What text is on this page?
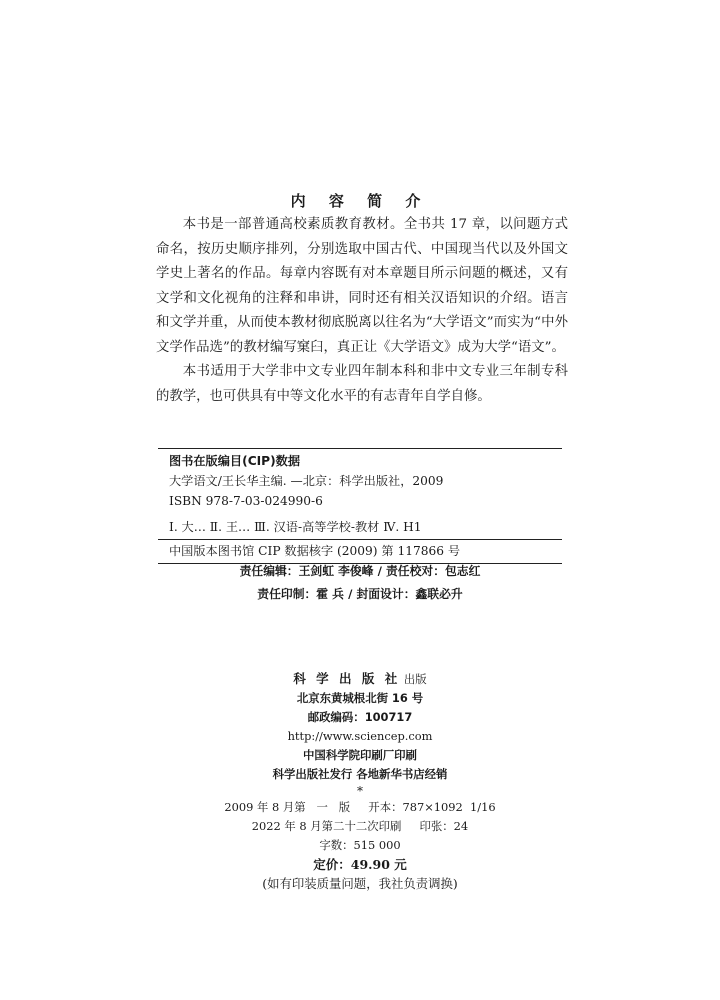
内 容 简 介

本书是一部普通高校素质教育教材。全书共 17 章，以问题方式命名，按历史顺序排列，分别选取中国古代、中国现当代以及外国文学史上著名的作品。每章内容既有对本章题目所示问题的概述，又有文学和文化视角的注释和串讲，同时还有相关汉语知识的介绍。语言和文学并重，从而使本教材彻底脱离以往名为“大学语文”而实为“中外文学作品选”的教材编写窠臼，真正让《大学语文》成为大学“语文”。

本书适用于大学非中文专业四年制本科和非中文专业三年制专科的教学，也可供具有中等文化水平的有志青年自学自修。

图书在版编目(CIP)数据
大学语文/王长华主编. —北京：科学出版社，2009
ISBN 978-7-03-024990-6
Ⅰ. 大… Ⅱ. 王… Ⅲ. 汉语-高等学校-教材 Ⅳ. H1
中国版本图书馆 CIP 数据核字 (2009) 第 117866 号
责任编辑：王剑虹 李俊峰 / 责任校对：包志红
责任印制：霍 兵 / 封面设计：鑫联必升
科 学 出 版 社 出版
北京东黄城根北街 16 号
邮政编码：100717
http://www.sciencep.com
中国科学院印刷厂印刷
科学出版社发行 各地新华书店经销
*
2009 年 8 月第   一   版     开本：787×1092  1/16
2022 年 8 月第二十二次印刷     印张：24
字数：515 000
定价：49.90 元
(如有印装质量问题，我社负责调换)
